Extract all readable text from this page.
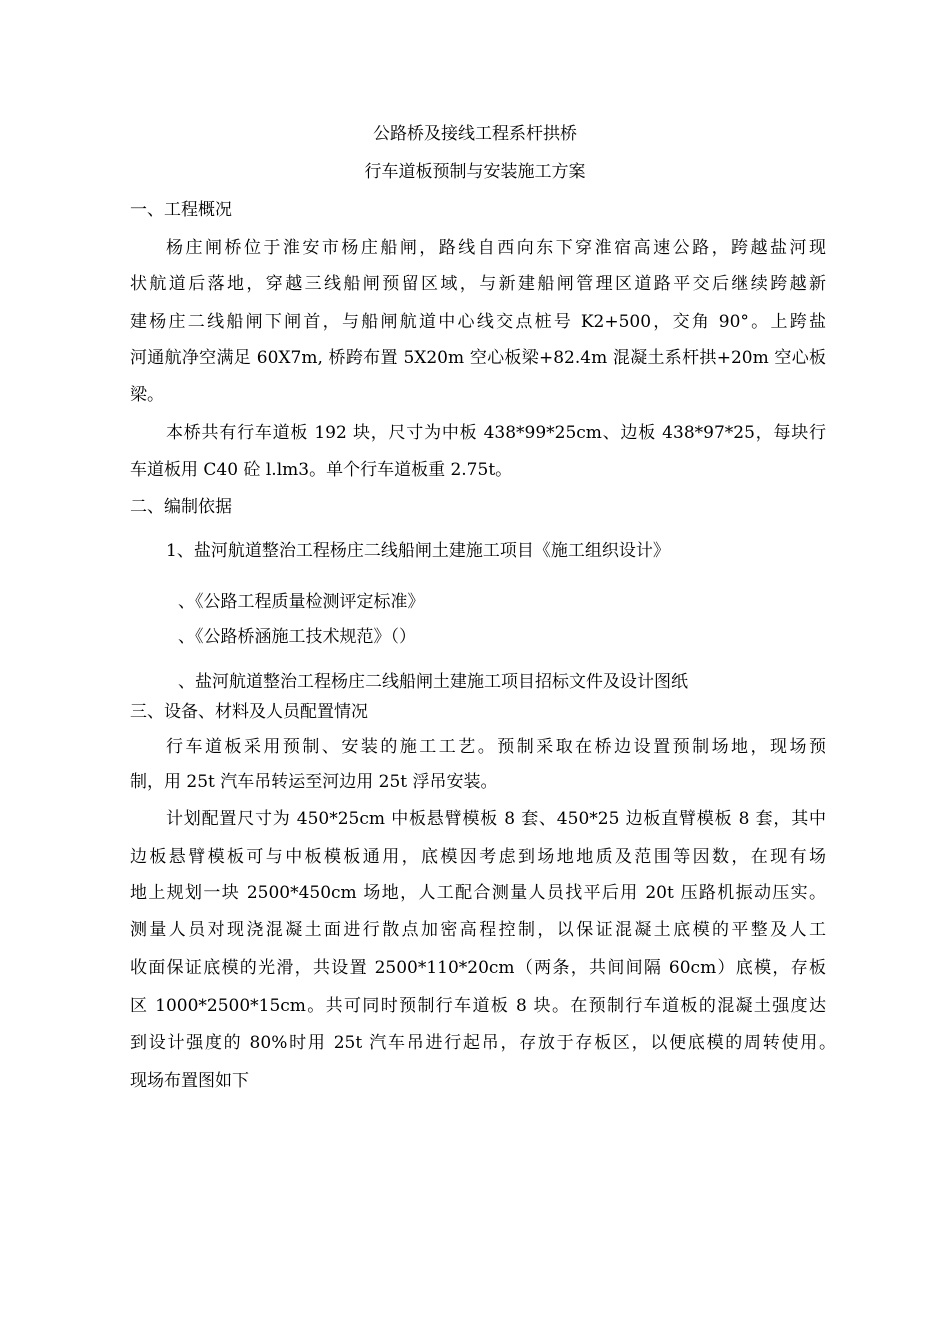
公路桥及接线工程系杆拱桥
行车道板预制与安装施工方案
一、工程概况
杨庄闸桥位于淮安市杨庄船闸，路线自西向东下穿淮宿高速公路，跨越盐河现
状航道后落地，穿越三线船闸预留区域，与新建船闸管理区道路平交后继续跨越新
建杨庄二线船闸下闸首，与船闸航道中心线交点桩号 K2+500，交角 90°。上跨盐
河通航净空满足 60X7m, 桥跨布置 5X20m 空心板梁+82.4m 混凝土系杆拱+20m 空心板
梁。
本桥共有行车道板 192 块，尺寸为中板 438*99*25cm、边板 438*97*25，每块行
车道板用 C40 砼 l.lm3。单个行车道板重 2.75t。
二、编制依据
1、盐河航道整治工程杨庄二线船闸土建施工项目《施工组织设计》
、《公路工程质量检测评定标准》
、《公路桥涵施工技术规范》（）
、盐河航道整治工程杨庄二线船闸土建施工项目招标文件及设计图纸
三、设备、材料及人员配置情况
行车道板采用预制、安装的施工工艺。预制采取在桥边设置预制场地，现场预
制，用 25t 汽车吊转运至河边用 25t 浮吊安装。
计划配置尺寸为 450*25cm 中板悬臂模板 8 套、450*25 边板直臂模板 8 套，其中
边板悬臂模板可与中板模板通用，底模因考虑到场地地质及范围等因数，在现有场
地上规划一块 2500*450cm 场地，人工配合测量人员找平后用 20t 压路机振动压实。
测量人员对现浇混凝土面进行散点加密高程控制，以保证混凝土底模的平整及人工
收面保证底模的光滑，共设置 2500*110*20cm（两条，共间间隔 60cm）底模，存板
区 1000*2500*15cm。共可同时预制行车道板 8 块。在预制行车道板的混凝土强度达
到设计强度的 80%时用 25t 汽车吊进行起吊，存放于存板区，以便底模的周转使用。
现场布置图如下
